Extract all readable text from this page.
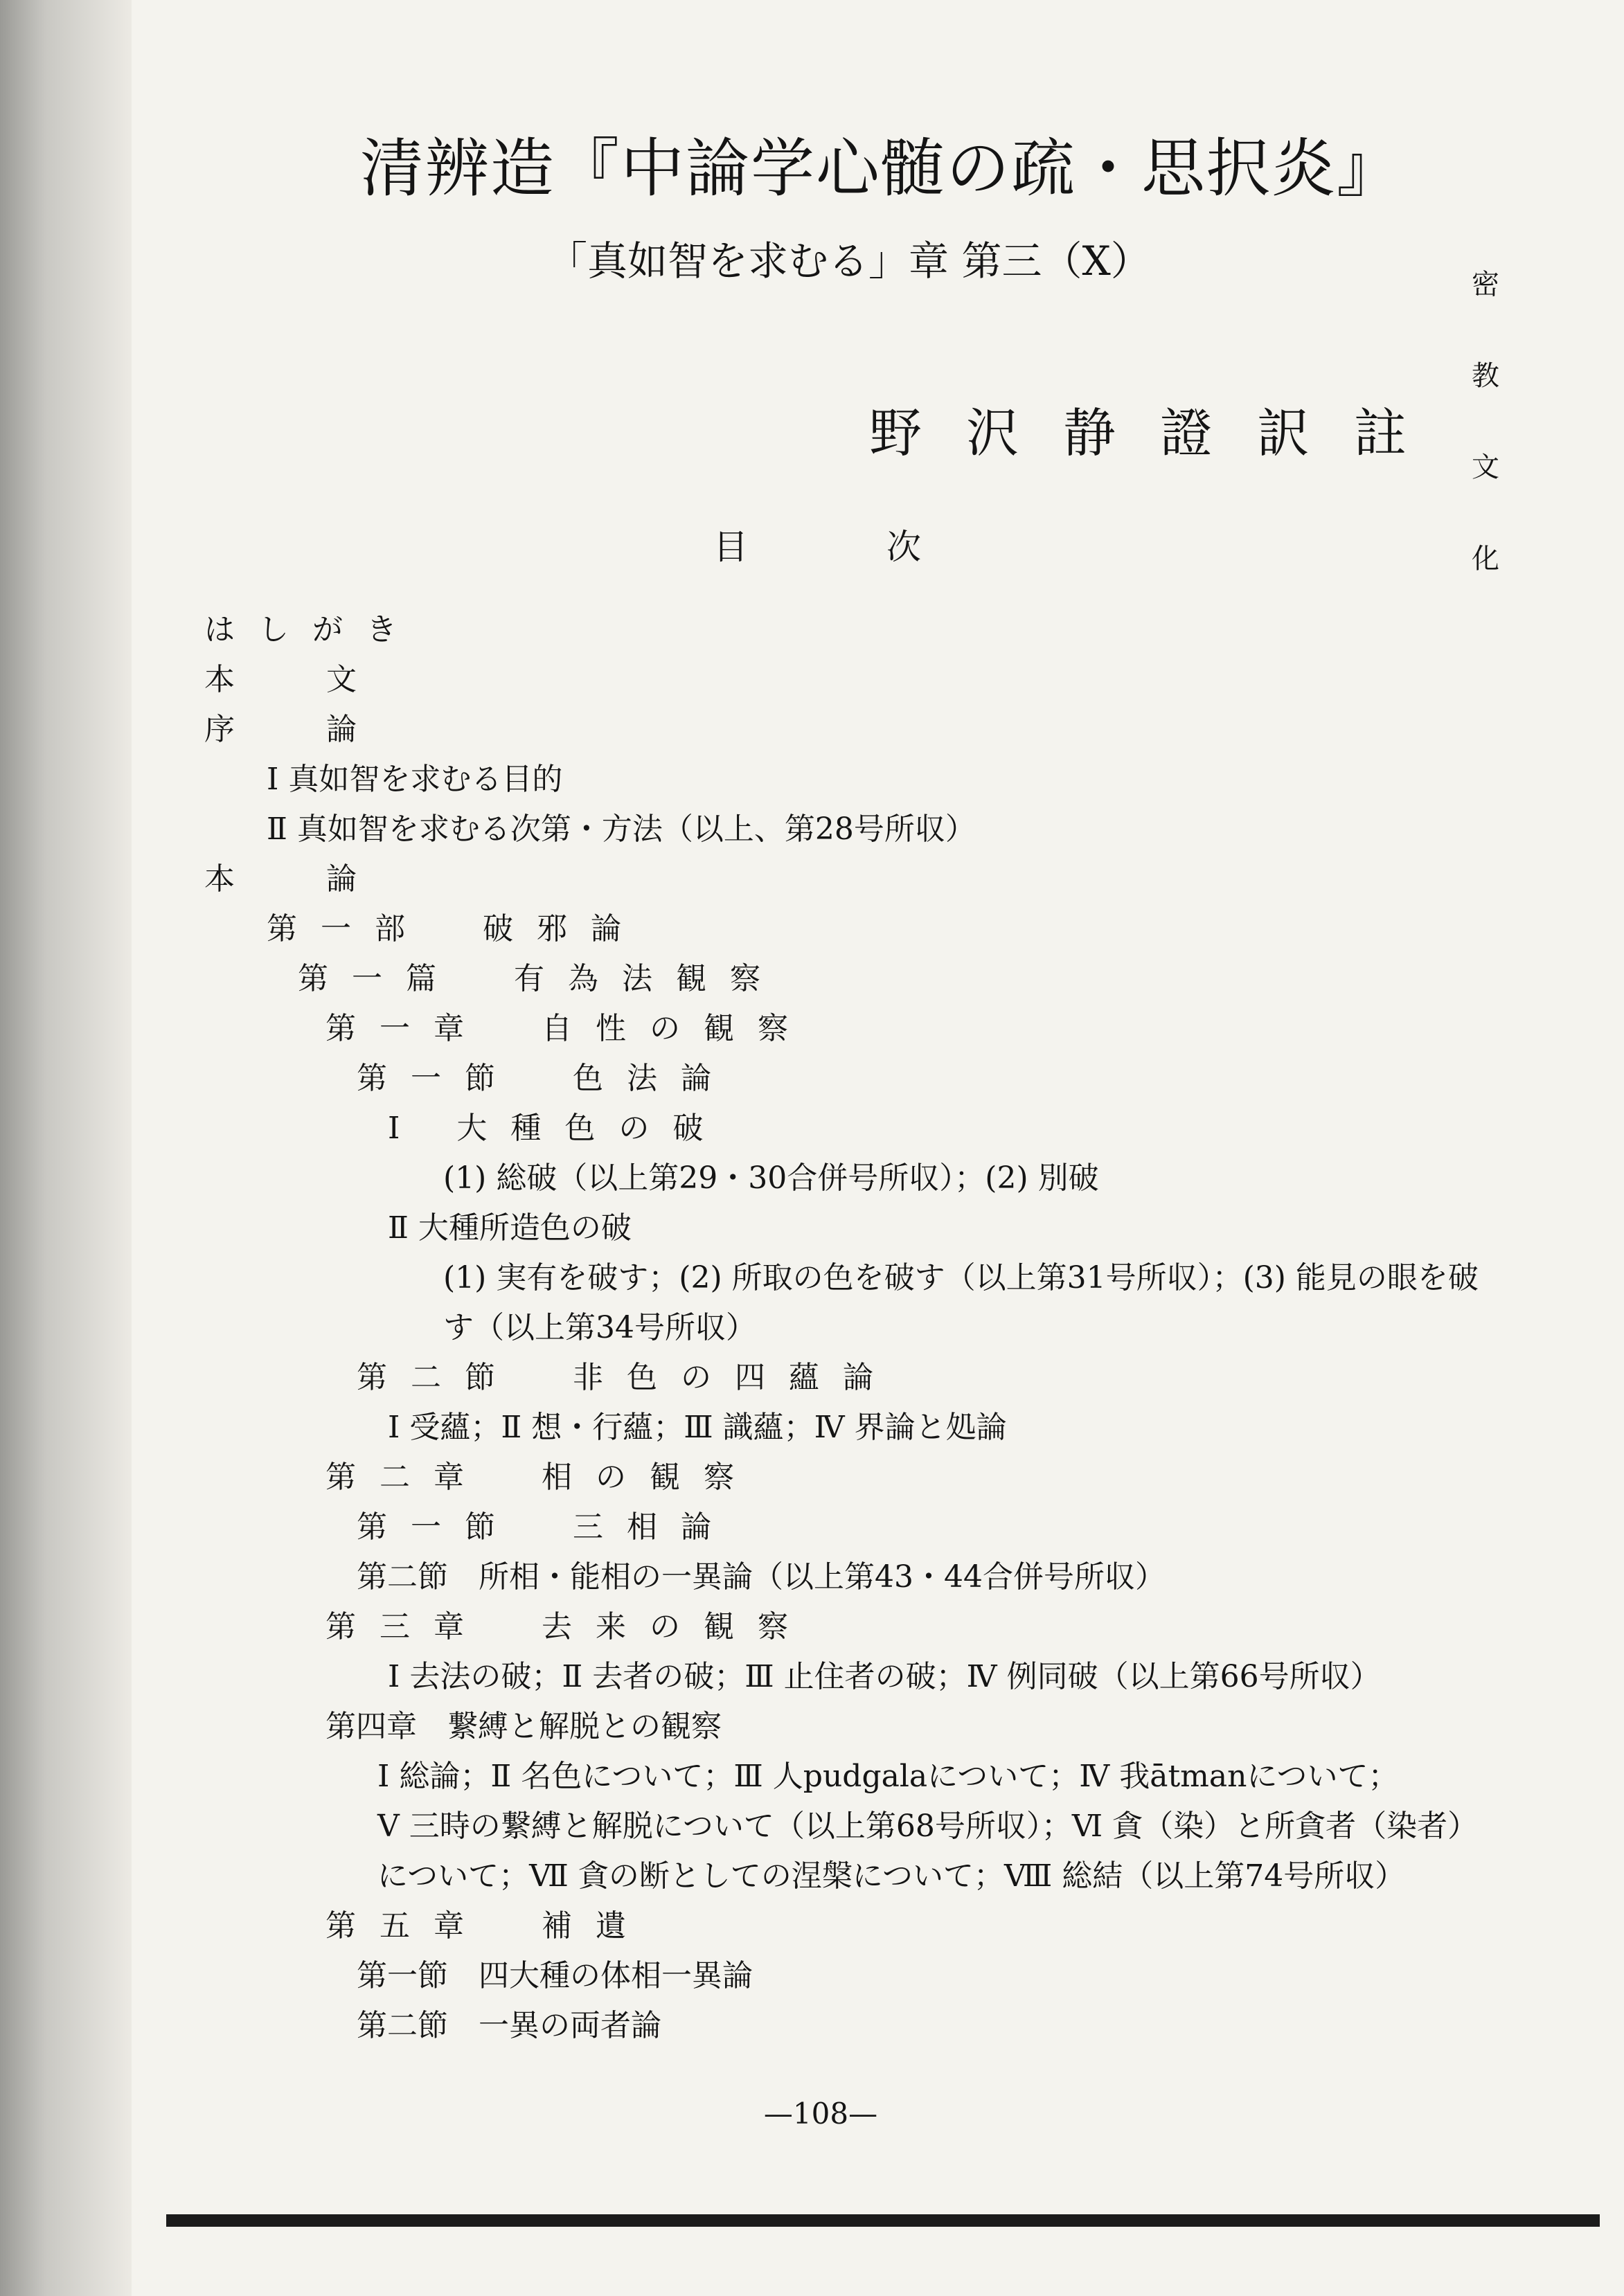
清辨造『中論学心髄の疏・思択炎』
「真如智を求むる」章 第三（X）	密
教
文
化
野沢静證訳註
目次
はしがき
本　　　文
序　　　論
Ⅰ 真如智を求むる目的
Ⅱ 真如智を求むる次第・方法（以上、第28号所収）
本　　　論
第一部　破邪論
第一篇　有為法観察
第一章　自性の観察
第一節　色法論
Ⅰ 大種色の破
(1) 総破（以上第29・30合併号所収）；(2) 別破
Ⅱ 大種所造色の破
(1) 実有を破す；(2) 所取の色を破す（以上第31号所収）；(3) 能見の眼を破
す（以上第34号所収）
第二節　非色の四蘊論
Ⅰ 受蘊；Ⅱ 想・行蘊；Ⅲ 識蘊；Ⅳ 界論と処論
第二章　相の観察
第一節　三相論
第二節　所相・能相の一異論（以上第43・44合併号所収）
第三章　去来の観察
Ⅰ 去法の破；Ⅱ 去者の破；Ⅲ 止住者の破；Ⅳ 例同破（以上第66号所収）
第四章　繋縛と解脱との観察
Ⅰ 総論；Ⅱ 名色について；Ⅲ 人pudgalaについて；Ⅳ 我ātmanについて；
Ⅴ 三時の繋縛と解脱について（以上第68号所収）；Ⅵ 貪（染）と所貪者（染者）
について；Ⅶ 貪の断としての涅槃について；Ⅷ 総結（以上第74号所収）
第五章　補遺
第一節　四大種の体相一異論
第二節　一異の両者論
—108—
